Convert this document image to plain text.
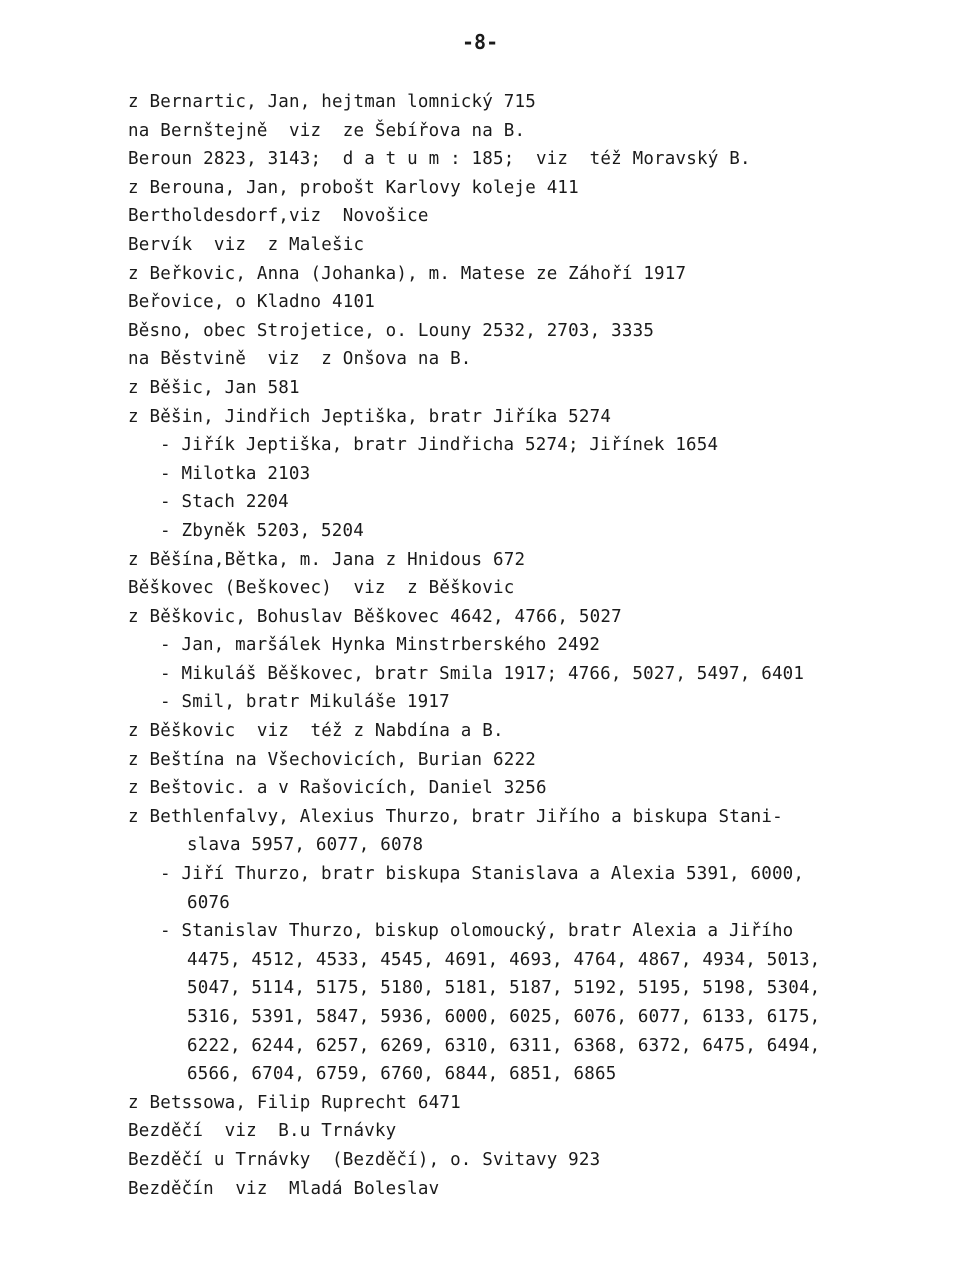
-8-
z Bernartic, Jan, hejtman lomnický 715
na Bernštejně  viz  ze Šebířova na B.
Beroun 2823, 3143;  d a t u m : 185;  viz  též Moravský B.
z Berouna, Jan, probošt Karlovy koleje 411
Bertholdesdorf,viz  Novošice
Bervík  viz  z Malešic
z Beřkovic, Anna (Johanka), m. Matese ze Záhoří 1917
Beřovice, o Kladno 4101
Běsno, obec Strojetice, o. Louny 2532, 2703, 3335
na Běstvině  viz  z Onšova na B.
z Běšic, Jan 581
z Běšin, Jindřich Jeptiška, bratr Jiříka 5274
- Jiřík Jeptiška, bratr Jindřicha 5274; Jiřínek 1654
- Milotka 2103
- Stach 2204
- Zbyněk 5203, 5204
z Běšína,Bětka, m. Jana z Hnidous 672
Běškovec (Beškovec)  viz  z Běškovic
z Běškovic, Bohuslav Běškovec 4642, 4766, 5027
- Jan, maršálek Hynka Minstrberského 2492
- Mikuláš Běškovec, bratr Smila 1917; 4766, 5027, 5497, 6401
- Smil, bratr Mikuláše 1917
z Běškovic  viz  též z Nabdína a B.
z Beštína na Všechovicích, Burian 6222
z Beštovic. a v Rašovicích, Daniel 3256
z Bethlenfalvy, Alexius Thurzo, bratr Jiřího a biskupa Stani-
slava 5957, 6077, 6078
- Jiří Thurzo, bratr biskupa Stanislava a Alexia 5391, 6000,
6076
- Stanislav Thurzo, biskup olomoucký, bratr Alexia a Jiřího
4475, 4512, 4533, 4545, 4691, 4693, 4764, 4867, 4934, 5013,
5047, 5114, 5175, 5180, 5181, 5187, 5192, 5195, 5198, 5304,
5316, 5391, 5847, 5936, 6000, 6025, 6076, 6077, 6133, 6175,
6222, 6244, 6257, 6269, 6310, 6311, 6368, 6372, 6475, 6494,
6566, 6704, 6759, 6760, 6844, 6851, 6865
z Betssowa, Filip Ruprecht 6471
Bezděčí  viz  B.u Trnávky
Bezděčí u Trnávky  (Bezděčí), o. Svitavy 923
Bezděčín  viz  Mladá Boleslav
